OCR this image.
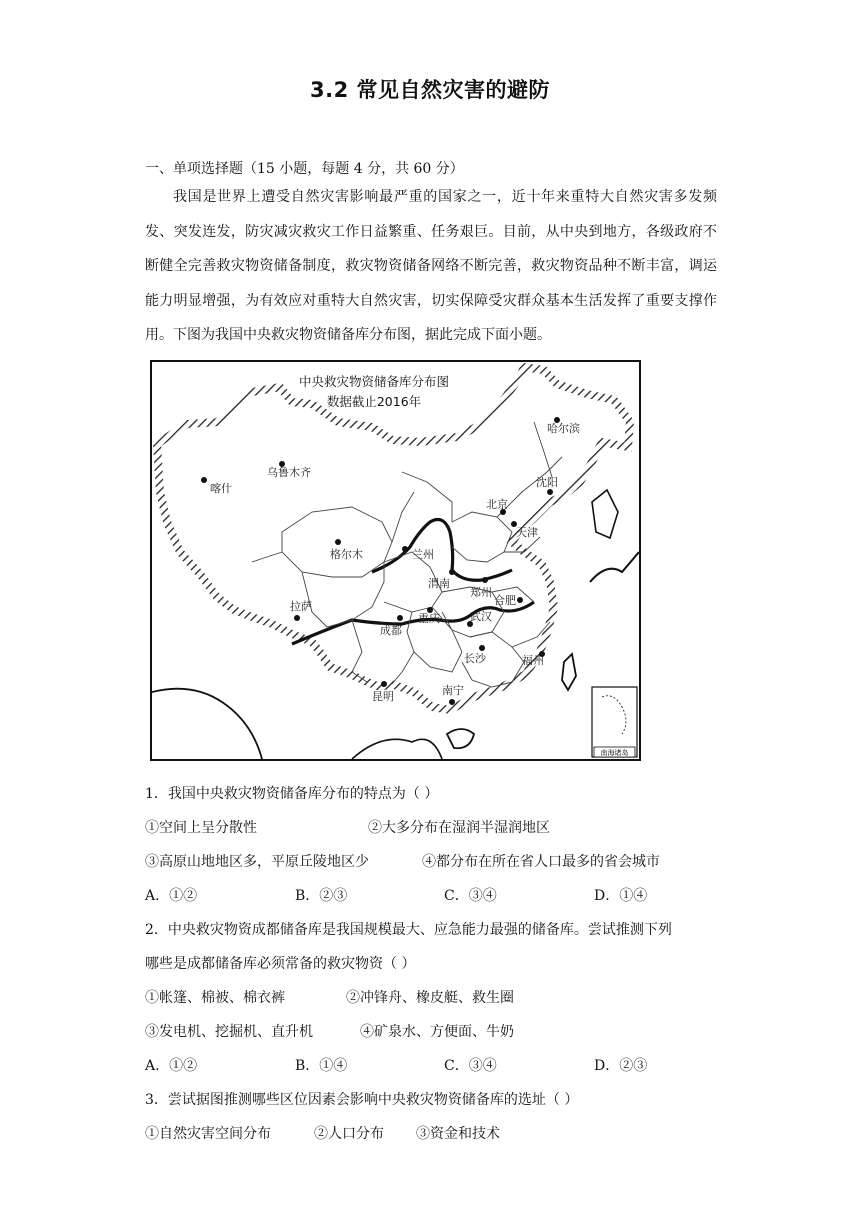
3.2 常见自然灾害的避防
一、单项选择题（15 小题，每题 4 分，共 60 分）
我国是世界上遭受自然灾害影响最严重的国家之一，近十年来重特大自然灾害多发频发、突发连发，防灾减灾救灾工作日益繁重、任务艰巨。目前，从中央到地方，各级政府不断健全完善救灾物资储备制度，救灾物资储备网络不断完善，救灾物资品种不断丰富，调运能力明显增强，为有效应对重特大自然灾害，切实保障受灾群众基本生活发挥了重要支撑作用。下图为我国中央救灾物资储备库分布图，据此完成下面小题。
中央救灾物资储备库分布图
数据截止2016年
哈尔滨
乌鲁木齐
喀什	沈阳
北京
天津
兰州
格尔木
渭南
郑州
合肥
拉萨
重庆	武汉
成都
长沙	福州
昆明	南宁
南海诸岛
1．我国中央救灾物资储备库分布的特点为（ ）
①空间上呈分散性	②大多分布在湿润半湿润地区
③高原山地地区多，平原丘陵地区少	④都分布在所在省人口最多的省会城市
A．①②	B．②③	C．③④	D．①④
2．中央救灾物资成都储备库是我国规模最大、应急能力最强的储备库。尝试推测下列
哪些是成都储备库必须常备的救灾物资（ ）
①帐篷、棉被、棉衣裤	②冲锋舟、橡皮艇、救生圈
③发电机、挖掘机、直升机	④矿泉水、方便面、牛奶
A．①②	B．①④	C．③④	D．②③
3．尝试据图推测哪些区位因素会影响中央救灾物资储备库的选址（ ）
①自然灾害空间分布	②人口分布 ③资金和技术
